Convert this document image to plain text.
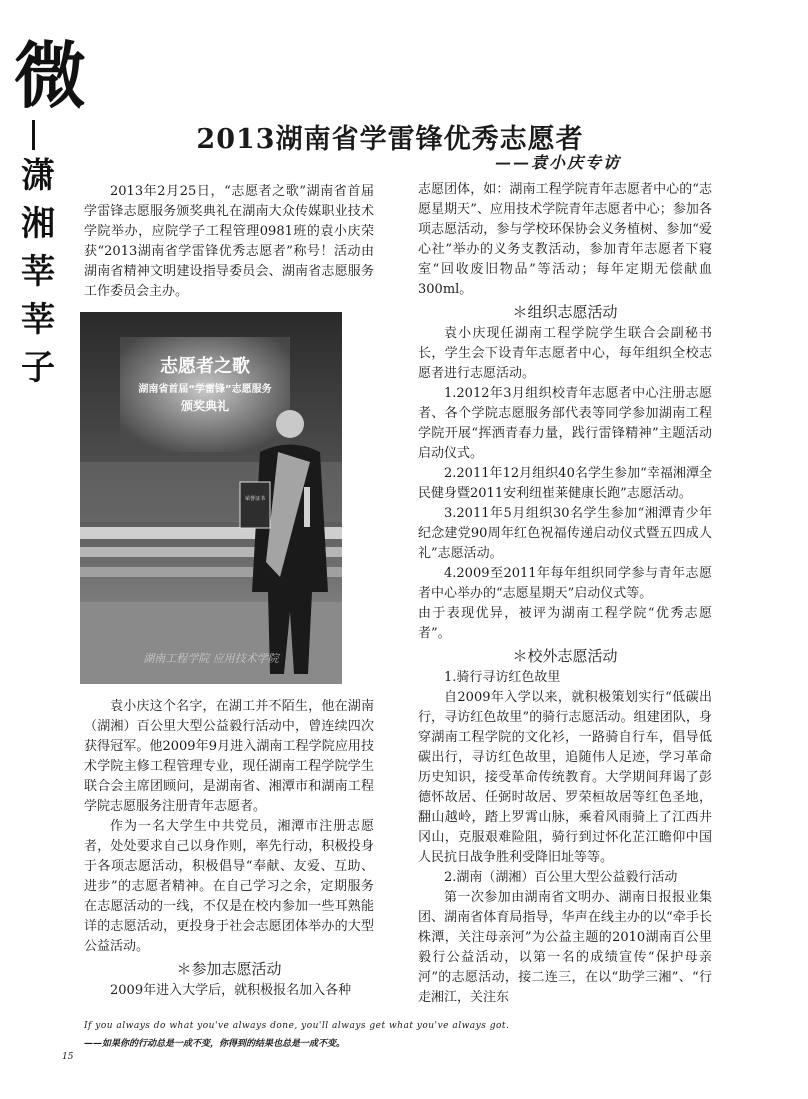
微
潇
湘
莘
莘
子
2013湖南省学雷锋优秀志愿者
——袁小庆专访

2013年2月25日，“志愿者之歌”湖南省首届学雷锋志愿服务颁奖典礼在湖南大众传媒职业技术学院举办，应院学子工程管理0981班的袁小庆荣获“2013湖南省学雷锋优秀志愿者”称号！活动由湖南省精神文明建设指导委员会、湖南省志愿服务工作委员会主办。

志愿者之歌
湖南省首届“学雷锋”志愿服务
颁奖典礼
荣誉证书
湖南工程学院 应用技术学院

袁小庆这个名字，在湖工并不陌生，他在湖南（湖湘）百公里大型公益毅行活动中，曾连续四次获得冠军。他2009年9月进入湖南工程学院应用技术学院主修工程管理专业，现任湖南工程学院学生联合会主席团顾问，是湖南省、湘潭市和湖南工程学院志愿服务注册青年志愿者。

作为一名大学生中共党员，湘潭市注册志愿者，处处要求自己以身作则，率先行动，积极投身于各项志愿活动，积极倡导“奉献、友爱、互助、进步”的志愿者精神。在自己学习之余，定期服务在志愿活动的一线，不仅是在校内参加一些耳熟能详的志愿活动，更投身于社会志愿团体举办的大型公益活动。

＊参加志愿活动

2009年进入大学后，就积极报名加入各种

志愿团体，如：湖南工程学院青年志愿者中心的“志愿星期天”、应用技术学院青年志愿者中心；参加各项志愿活动，参与学校环保协会义务植树、参加“爱心社”举办的义务支教活动，参加青年志愿者下寝室“回收废旧物品”等活动；每年定期无偿献血300ml。

＊组织志愿活动

袁小庆现任湖南工程学院学生联合会副秘书长，学生会下设青年志愿者中心，每年组织全校志愿者进行志愿活动。

1.2012年3月组织校青年志愿者中心注册志愿者、各个学院志愿服务部代表等同学参加湖南工程学院开展“挥洒青春力量，践行雷锋精神”主题活动启动仪式。

2.2011年12月组织40名学生参加“幸福湘潭全民健身暨2011安利纽崔莱健康长跑”志愿活动。

3.2011年5月组织30名学生参加“湘潭青少年纪念建党90周年红色祝福传递启动仪式暨五四成人礼”志愿活动。

4.2009至2011年每年组织同学参与青年志愿者中心举办的“志愿星期天”启动仪式等。

由于表现优异，被评为湖南工程学院“优秀志愿者”。

＊校外志愿活动

1.骑行寻访红色故里

自2009年入学以来，就积极策划实行“低碳出行，寻访红色故里”的骑行志愿活动。组建团队，身穿湖南工程学院的文化衫，一路骑自行车，倡导低碳出行，寻访红色故里，追随伟人足迹，学习革命历史知识，接受革命传统教育。大学期间拜谒了彭德怀故居、任弼时故居、罗荣桓故居等红色圣地，翻山越岭，踏上罗霄山脉，乘着风雨骑上了江西井冈山，克服艰难险阻，骑行到过怀化芷江瞻仰中国人民抗日战争胜利受降旧址等等。

2.湖南（湖湘）百公里大型公益毅行活动

第一次参加由湖南省文明办、湖南日报报业集团、湖南省体育局指导，华声在线主办的以“牵手长株潭，关注母亲河”为公益主题的2010湖南百公里毅行公益活动，以第一名的成绩宣传“保护母亲河”的志愿活动，接二连三，在以“助学三湘”、“行走湘江，关注东

If you always do what you've always done, you'll always get what you've always got.
——如果你的行动总是一成不变，你得到的结果也总是一成不变。
15
